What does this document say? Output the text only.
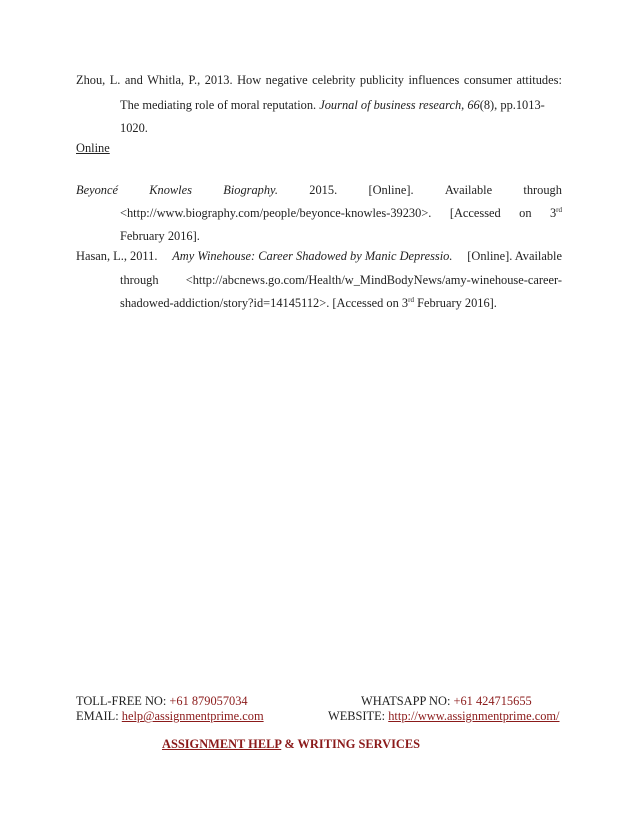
Zhou, L. and Whitla, P., 2013. How negative celebrity publicity influences consumer attitudes:
The mediating role of moral reputation. Journal of business research, 66(8), pp.1013-
1020.
Online
Beyoncé	Knowles	Biography.	2015.	[Online].	Available	through
<http://www.biography.com/people/beyonce-knowles-39230>. [Accessed on 3rd
February 2016].
Hasan, L., 2011. Amy Winehouse: Career Shadowed by Manic Depressio. [Online]. Available
through <http://abcnews.go.com/Health/w_MindBodyNews/amy-winehouse-career-
shadowed-addiction/story?id=14145112>. [Accessed on 3rd February 2016].
TOLL-FREE NO: +61 879057034	WHATSAPP NO: +61 424715655
EMAIL: help@assignmentprime.com	WEBSITE: http://www.assignmentprime.com/
ASSIGNMENT HELP & WRITING SERVICES
